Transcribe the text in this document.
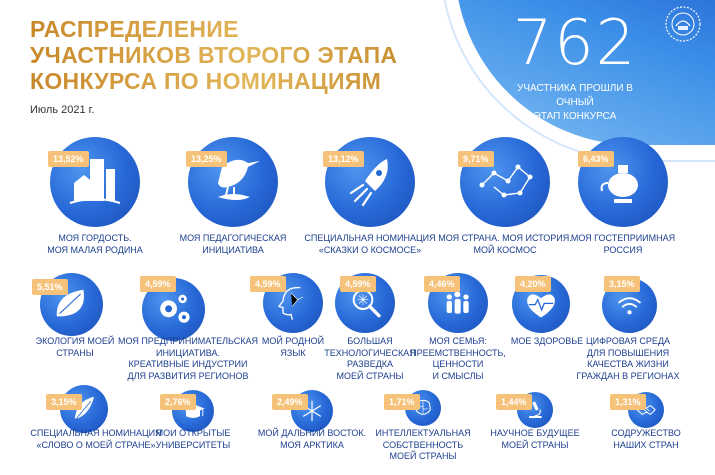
РАСПРЕДЕЛЕНИЕ
УЧАСТНИКОВ ВТОРОГО ЭТАПА
КОНКУРСА ПО НОМИНАЦИЯМ
Июль 2021 г.
762
УЧАСТНИКА ПРОШЛИ В ОЧНЫЙ
ЭТАП КОНКУРСА
13,52%
МОЯ ГОРДОСТЬ.
МОЯ МАЛАЯ РОДИНА
13,25%
МОЯ ПЕДАГОГИЧЕСКАЯ
ИНИЦИАТИВА
13,12%
СПЕЦИАЛЬНАЯ НОМИНАЦИЯ
«СКАЗКИ О КОСМОСЕ»
9,71%
МОЯ СТРАНА. МОЯ ИСТОРИЯ.
МОЙ КОСМОС
6,43%
МОЯ ГОСТЕПРИИМНАЯ
РОССИЯ
5,51%
ЭКОЛОГИЯ МОЕЙ
СТРАНЫ
4,59%
МОЯ ПРЕДПРИНИМАТЕЛЬСКАЯ
ИНИЦИАТИВА.
КРЕАТИВНЫЕ ИНДУСТРИИ
ДЛЯ РАЗВИТИЯ РЕГИОНОВ
4,59%
МОЙ РОДНОЙ
ЯЗЫК
4,59%
БОЛЬШАЯ
ТЕХНОЛОГИЧЕСКАЯ
РАЗВЕДКА
МОЕЙ СТРАНЫ
4,46%
МОЯ СЕМЬЯ:
ПРЕЕМСТВЕННОСТЬ,
ЦЕННОСТИ
И СМЫСЛЫ
4,20%
МОЕ ЗДОРОВЬЕ
3,15%
ЦИФРОВАЯ СРЕДА
ДЛЯ ПОВЫШЕНИЯ
КАЧЕСТВА ЖИЗНИ
ГРАЖДАН В РЕГИОНАХ
3,15%
СПЕЦИАЛЬНАЯ НОМИНАЦИЯ
«СЛОВО О МОЕЙ СТРАНЕ»
2,76%
МОИ ОТКРЫТЫЕ
УНИВЕРСИТЕТЫ
2,49%
МОЙ ДАЛЬНИЙ ВОСТОК.
МОЯ АРКТИКА
1,71%
ИНТЕЛЛЕКТУАЛЬНАЯ
СОБСТВЕННОСТЬ
МОЕЙ СТРАНЫ
1,44%
НАУЧНОЕ БУДУЩЕЕ
МОЕЙ СТРАНЫ
1,31%
СОДРУЖЕСТВО
НАШИХ СТРАН
